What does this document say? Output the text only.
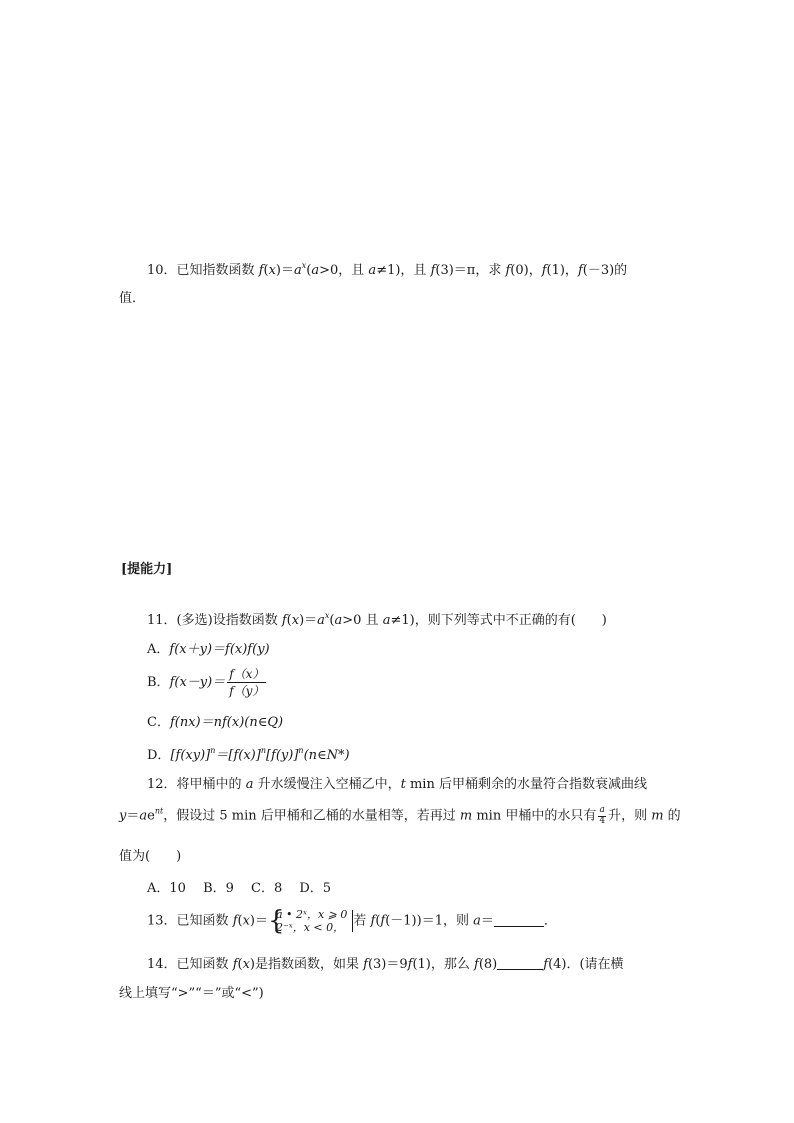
10．已知指数函数 $f(x)=a^x(a>0$，且 a≠1)，且 f(3)＝π，求 f(0)，f(1)，f(－3)的
值．
[提能力]
11．(多选)设指数函数 $f(x)=a^x(a>0$ 且 a≠1)，则下列等式中不正确的有(　　)
A．f(x＋y)＝f(x)f(y)
B．$f(x-y)= \frac{f(x)}{f(y)}$
C．f(nx)＝nf(x)(n∈Q)
D．$[f(xy)]^n=[f(x)]^n[f(y)]^n(n\in N*)$
12．将甲桶中的 a 升水缓慢注入空桶乙中，t min 后甲桶剩余的水量符合指数衰减曲线
$y=ae^{nt}$，假设过 5 min 后甲桶和乙桶的水量相等，若再过 m min 甲桶中的水只有 $\frac{a}{4}$ 升，则 m 的
值为(　　)
A．10　 B．9　 C．8　 D．5
13．已知函数 f(x)＝ {
a • 2ˣ，x ⩾ 0
2⁻ˣ，x < 0， 若 f(f(－1))＝1，则 a＝	．
14．已知函数 f(x)是指数函数，如果 f(3)＝9f(1)，那么 f(8)	f(4)．(请在横
线上填写“>”“＝”或“<”)
